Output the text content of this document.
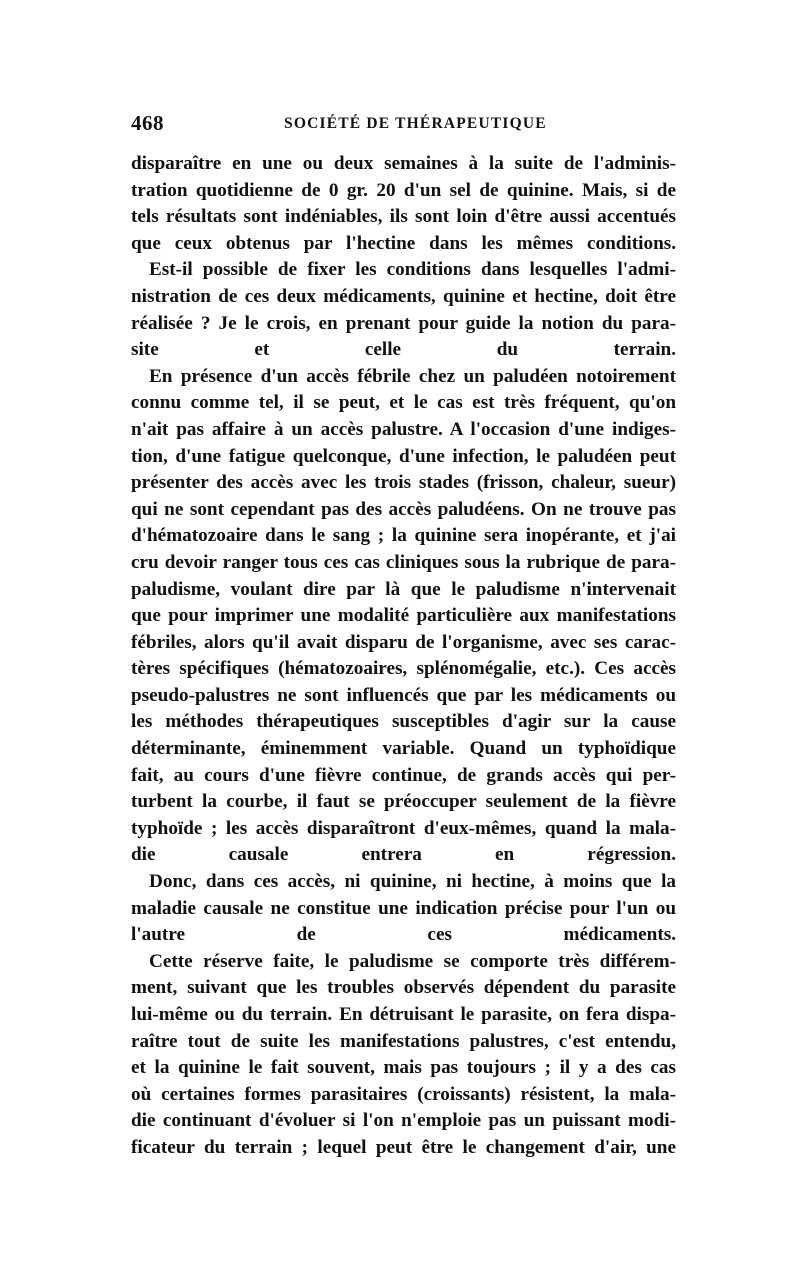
468	SOCIÉTÉ DE THÉRAPEUTIQUE

disparaître en une ou deux semaines à la suite de l'adminis-
tration quotidienne de 0 gr. 20 d'un sel de quinine. Mais, si de
tels résultats sont indéniables, ils sont loin d'être aussi accentués
que ceux obtenus par l'hectine dans les mêmes conditions.

Est-il possible de fixer les conditions dans lesquelles l'admi-
nistration de ces deux médicaments, quinine et hectine, doit être
réalisée ? Je le crois, en prenant pour guide la notion du para-
site et celle du terrain.

En présence d'un accès fébrile chez un paludéen notoirement
connu comme tel, il se peut, et le cas est très fréquent, qu'on
n'ait pas affaire à un accès palustre. A l'occasion d'une indiges-
tion, d'une fatigue quelconque, d'une infection, le paludéen peut
présenter des accès avec les trois stades (frisson, chaleur, sueur)
qui ne sont cependant pas des accès paludéens. On ne trouve pas
d'hématozoaire dans le sang ; la quinine sera inopérante, et j'ai
cru devoir ranger tous ces cas cliniques sous la rubrique de para-
paludisme, voulant dire par là que le paludisme n'intervenait
que pour imprimer une modalité particulière aux manifestations
fébriles, alors qu'il avait disparu de l'organisme, avec ses carac-
tères spécifiques (hématozoaires, splénomégalie, etc.). Ces accès
pseudo-palustres ne sont influencés que par les médicaments ou
les méthodes thérapeutiques susceptibles d'agir sur la cause
déterminante, éminemment variable. Quand un typhoïdique
fait, au cours d'une fièvre continue, de grands accès qui per-
turbent la courbe, il faut se préoccuper seulement de la fièvre
typhoïde ; les accès disparaîtront d'eux-mêmes, quand la mala-
die causale entrera en régression.

Donc, dans ces accès, ni quinine, ni hectine, à moins que la
maladie causale ne constitue une indication précise pour l'un ou
l'autre de ces médicaments.

Cette réserve faite, le paludisme se comporte très différem-
ment, suivant que les troubles observés dépendent du parasite
lui-même ou du terrain. En détruisant le parasite, on fera dispa-
raître tout de suite les manifestations palustres, c'est entendu,
et la quinine le fait souvent, mais pas toujours ; il y a des cas
où certaines formes parasitaires (croissants) résistent, la mala-
die continuant d'évoluer si l'on n'emploie pas un puissant modi-
ficateur du terrain ; lequel peut être le changement d'air, une
